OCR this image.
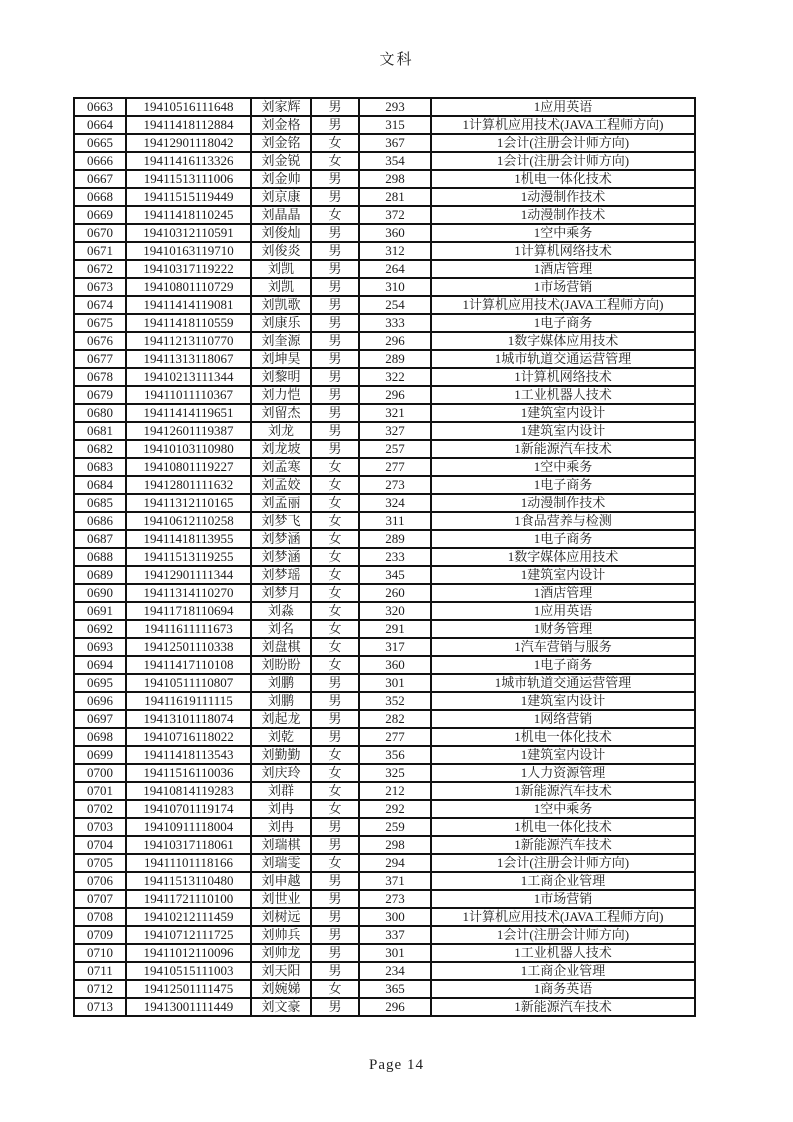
文科
0663	19410516111648	刘家辉	男	293	1应用英语
0664	19411418112884	刘金格	男	315	1计算机应用技术(JAVA工程师方向)
0665	19412901118042	刘金铭	女	367	1会计(注册会计师方向)
0666	19411416113326	刘金锐	女	354	1会计(注册会计师方向)
0667	19411513111006	刘金帅	男	298	1机电一体化技术
0668	19411515119449	刘京康	男	281	1动漫制作技术
0669	19411418110245	刘晶晶	女	372	1动漫制作技术
0670	19410312110591	刘俊灿	男	360	1空中乘务
0671	19410163119710	刘俊炎	男	312	1计算机网络技术
0672	19410317119222	刘凯	男	264	1酒店管理
0673	19410801110729	刘凯	男	310	1市场营销
0674	19411414119081	刘凯歌	男	254	1计算机应用技术(JAVA工程师方向)
0675	19411418110559	刘康乐	男	333	1电子商务
0676	19411213110770	刘奎源	男	296	1数字媒体应用技术
0677	19411313118067	刘坤昊	男	289	1城市轨道交通运营管理
0678	19410213111344	刘黎明	男	322	1计算机网络技术
0679	19411011110367	刘力恺	男	296	1工业机器人技术
0680	19411414119651	刘留杰	男	321	1建筑室内设计
0681	19412601119387	刘龙	男	327	1建筑室内设计
0682	19410103110980	刘龙坡	男	257	1新能源汽车技术
0683	19410801119227	刘孟寒	女	277	1空中乘务
0684	19412801111632	刘孟姣	女	273	1电子商务
0685	19411312110165	刘孟丽	女	324	1动漫制作技术
0686	19410612110258	刘梦飞	女	311	1食品营养与检测
0687	19411418113955	刘梦涵	女	289	1电子商务
0688	19411513119255	刘梦涵	女	233	1数字媒体应用技术
0689	19412901111344	刘梦瑶	女	345	1建筑室内设计
0690	19411314110270	刘梦月	女	260	1酒店管理
0691	19411718110694	刘淼	女	320	1应用英语
0692	19411611111673	刘名	女	291	1财务管理
0693	19412501110338	刘盘棋	女	317	1汽车营销与服务
0694	19411417110108	刘盼盼	女	360	1电子商务
0695	19410511110807	刘鹏	男	301	1城市轨道交通运营管理
0696	19411619111115	刘鹏	男	352	1建筑室内设计
0697	19413101118074	刘起龙	男	282	1网络营销
0698	19410716118022	刘乾	男	277	1机电一体化技术
0699	19411418113543	刘勤勤	女	356	1建筑室内设计
0700	19411516110036	刘庆玲	女	325	1人力资源管理
0701	19410814119283	刘群	女	212	1新能源汽车技术
0702	19410701119174	刘冉	女	292	1空中乘务
0703	19410911118004	刘冉	男	259	1机电一体化技术
0704	19410317118061	刘瑞棋	男	298	1新能源汽车技术
0705	19411101118166	刘瑞雯	女	294	1会计(注册会计师方向)
0706	19411513110480	刘申越	男	371	1工商企业管理
0707	19411721110100	刘世业	男	273	1市场营销
0708	19410212111459	刘树远	男	300	1计算机应用技术(JAVA工程师方向)
0709	19410712111725	刘帅兵	男	337	1会计(注册会计师方向)
0710	19411012110096	刘帅龙	男	301	1工业机器人技术
0711	19410515111003	刘天阳	男	234	1工商企业管理
0712	19412501111475	刘婉娣	女	365	1商务英语
0713	19413001111449	刘文豪	男	296	1新能源汽车技术
Page 14
